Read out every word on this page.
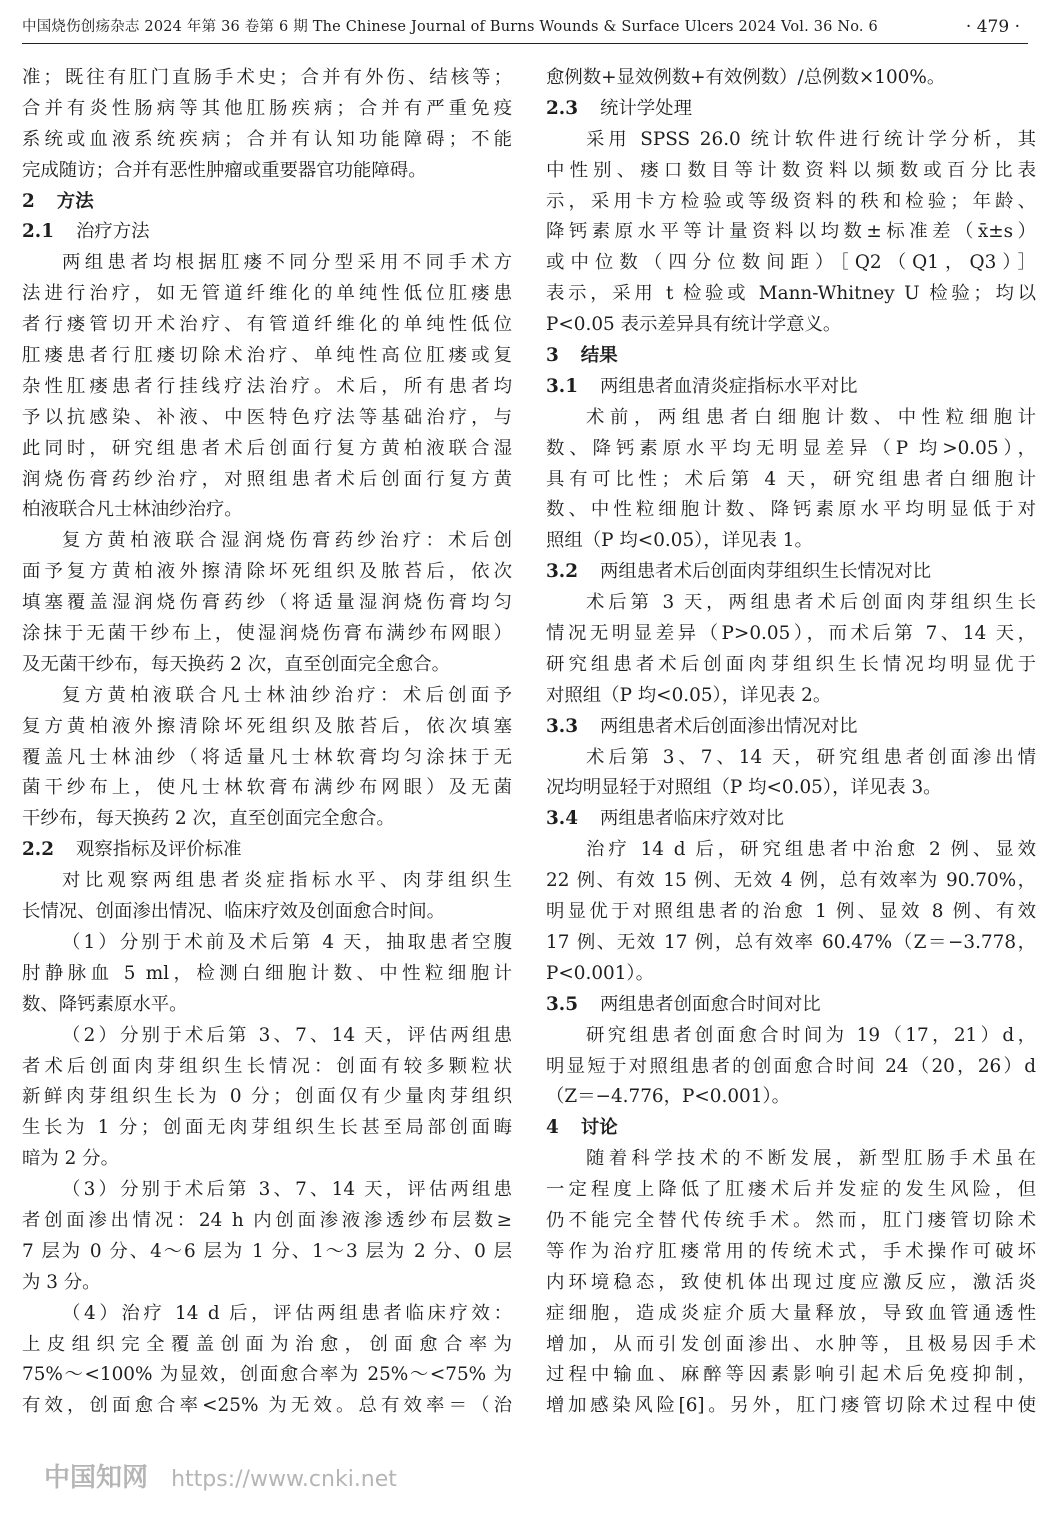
中国烧伤创疡杂志 2024 年第 36 卷第 6 期 The Chinese Journal of Burns Wounds & Surface Ulcers 2024 Vol. 36 No. 6	· 479 ·
准；既往有肛门直肠手术史；合并有外伤、结核等；
合并有炎性肠病等其他肛肠疾病；合并有严重免疫
系统或血液系统疾病；合并有认知功能障碍；不能
完成随访；合并有恶性肿瘤或重要器官功能障碍。
2 方法
2.1 治疗方法
两组患者均根据肛瘘不同分型采用不同手术方
法进行治疗，如无管道纤维化的单纯性低位肛瘘患
者行瘘管切开术治疗、有管道纤维化的单纯性低位
肛瘘患者行肛瘘切除术治疗、单纯性高位肛瘘或复
杂性肛瘘患者行挂线疗法治疗。术后，所有患者均
予以抗感染、补液、中医特色疗法等基础治疗，与
此同时，研究组患者术后创面行复方黄柏液联合湿
润烧伤膏药纱治疗，对照组患者术后创面行复方黄
柏液联合凡士林油纱治疗。
复方黄柏液联合湿润烧伤膏药纱治疗：术后创
面予复方黄柏液外擦清除坏死组织及脓苔后，依次
填塞覆盖湿润烧伤膏药纱（将适量湿润烧伤膏均匀
涂抹于无菌干纱布上，使湿润烧伤膏布满纱布网眼）
及无菌干纱布，每天换药 2 次，直至创面完全愈合。
复方黄柏液联合凡士林油纱治疗：术后创面予
复方黄柏液外擦清除坏死组织及脓苔后，依次填塞
覆盖凡士林油纱（将适量凡士林软膏均匀涂抹于无
菌干纱布上，使凡士林软膏布满纱布网眼）及无菌
干纱布，每天换药 2 次，直至创面完全愈合。
2.2 观察指标及评价标准
对比观察两组患者炎症指标水平、肉芽组织生
长情况、创面渗出情况、临床疗效及创面愈合时间。
（1）分别于术前及术后第 4 天，抽取患者空腹
肘静脉血 5 ml，检测白细胞计数、中性粒细胞计
数、降钙素原水平。
（2）分别于术后第 3、7、14 天，评估两组患
者术后创面肉芽组织生长情况：创面有较多颗粒状
新鲜肉芽组织生长为 0 分；创面仅有少量肉芽组织
生长为 1 分；创面无肉芽组织生长甚至局部创面晦
暗为 2 分。
（3）分别于术后第 3、7、14 天，评估两组患
者创面渗出情况：24 h 内创面渗液渗透纱布层数≥
7 层为 0 分、4～6 层为 1 分、1～3 层为 2 分、0 层
为 3 分。
（4）治疗 14 d 后，评估两组患者临床疗效：
上皮组织完全覆盖创面为治愈，创面愈合率为
75%～<100% 为显效，创面愈合率为 25%～<75% 为
有效，创面愈合率<25% 为无效。总有效率＝（治
愈例数+显效例数+有效例数）/总例数×100%。
2.3 统计学处理
采用 SPSS 26.0 统计软件进行统计学分析，其
中性别、瘘口数目等计数资料以频数或百分比表
示，采用卡方检验或等级资料的秩和检验；年龄、
降钙素原水平等计量资料以均数±标准差（x̄±s）
或中位数（四分位数间距）［Q2（Q1，Q3）］
表示，采用 t 检验或 Mann-Whitney U 检验；均以
P<0.05 表示差异具有统计学意义。
3 结果
3.1 两组患者血清炎症指标水平对比
术前，两组患者白细胞计数、中性粒细胞计
数、降钙素原水平均无明显差异（P 均>0.05），
具有可比性；术后第 4 天，研究组患者白细胞计
数、中性粒细胞计数、降钙素原水平均明显低于对
照组（P 均<0.05），详见表 1。
3.2 两组患者术后创面肉芽组织生长情况对比
术后第 3 天，两组患者术后创面肉芽组织生长
情况无明显差异（P>0.05），而术后第 7、14 天，
研究组患者术后创面肉芽组织生长情况均明显优于
对照组（P 均<0.05），详见表 2。
3.3 两组患者术后创面渗出情况对比
术后第 3、7、14 天，研究组患者创面渗出情
况均明显轻于对照组（P 均<0.05），详见表 3。
3.4 两组患者临床疗效对比
治疗 14 d 后，研究组患者中治愈 2 例、显效
22 例、有效 15 例、无效 4 例，总有效率为 90.70%，
明显优于对照组患者的治愈 1 例、显效 8 例、有效
17 例、无效 17 例，总有效率 60.47%（Z＝−3.778，
P<0.001）。
3.5 两组患者创面愈合时间对比
研究组患者创面愈合时间为 19（17，21）d，
明显短于对照组患者的创面愈合时间 24（20，26）d
（Z＝−4.776，P<0.001）。
4 讨论
随着科学技术的不断发展，新型肛肠手术虽在
一定程度上降低了肛瘘术后并发症的发生风险，但
仍不能完全替代传统手术。然而，肛门瘘管切除术
等作为治疗肛瘘常用的传统术式，手术操作可破坏
内环境稳态，致使机体出现过度应激反应，激活炎
症细胞，造成炎症介质大量释放，导致血管通透性
增加，从而引发创面渗出、水肿等，且极易因手术
过程中输血、麻醉等因素影响引起术后免疫抑制，
增加感染风险[6]。另外，肛门瘘管切除术过程中使
中国知网 https://www.cnki.net
